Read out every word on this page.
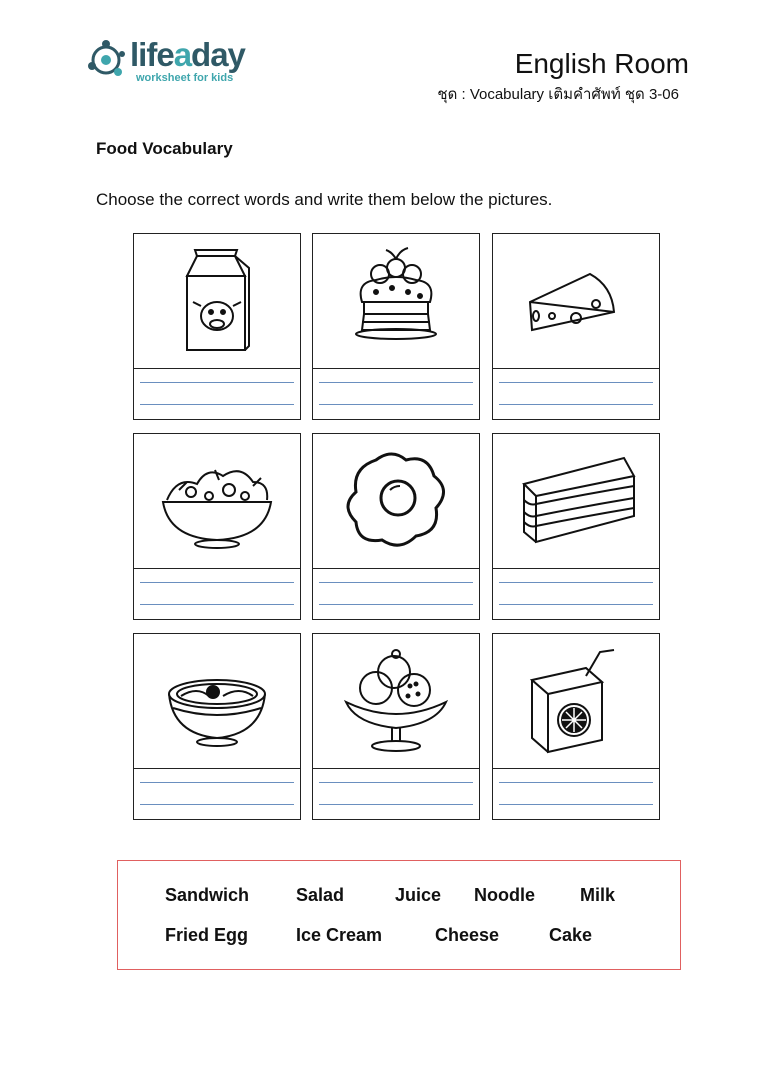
lifeaday
worksheet for kids	English Room
ชุด : Vocabulary เติมคำศัพท์ ชุด 3-06
Food Vocabulary
Choose the correct words and write them below the pictures.
Sandwich	Salad	Juice Noodle	Milk
Fried Egg	Ice Cream	Cheese	Cake
